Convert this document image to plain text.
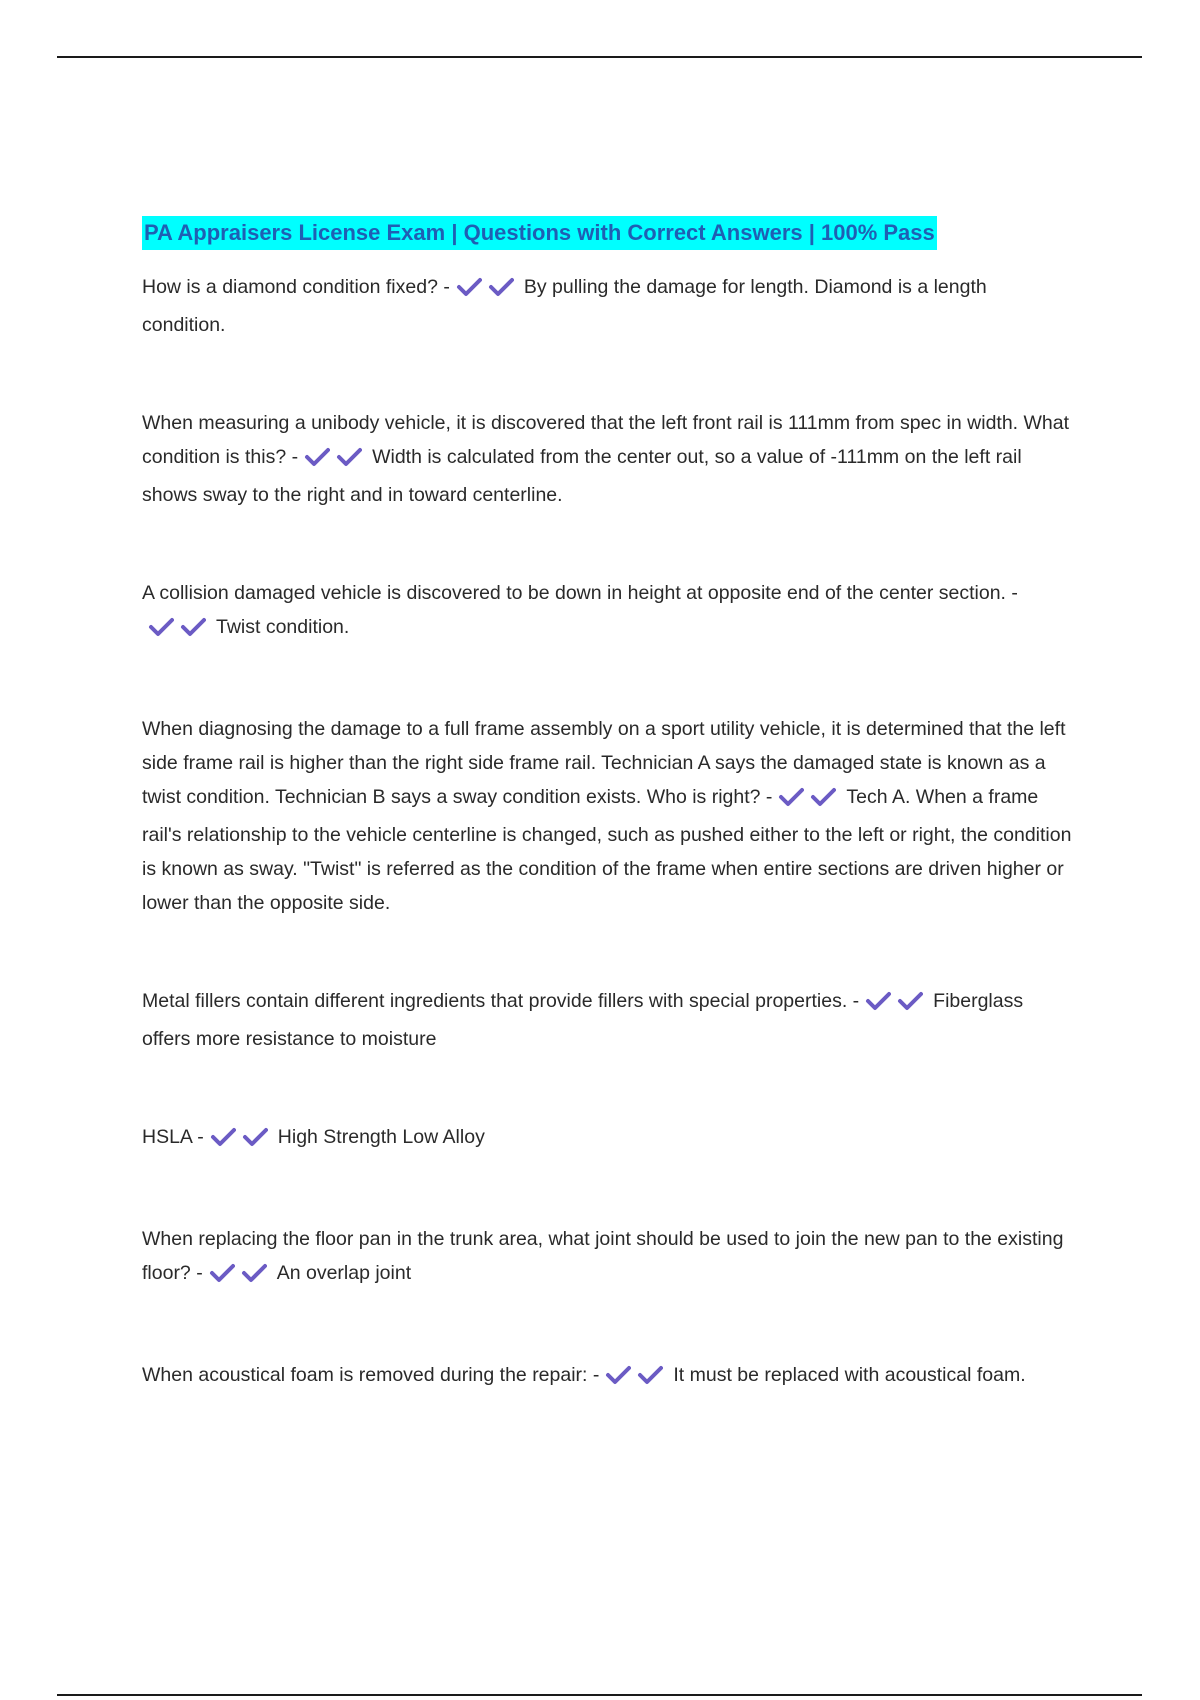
PA Appraisers License Exam | Questions with Correct Answers | 100% Pass

How is a diamond condition fixed? -	By pulling the damage for length. Diamond is a length condition.

When measuring a unibody vehicle, it is discovered that the left front rail is 111mm from spec in width. What condition is this? -	Width is calculated from the center out, so a value of -111mm on the left rail shows sway to the right and in toward centerline.

A collision damaged vehicle is discovered to be down in height at opposite end of the center section. -Twist condition.

When diagnosing the damage to a full frame assembly on a sport utility vehicle, it is determined that the left side frame rail is higher than the right side frame rail. Technician A says the damaged state is known as a twist condition. Technician B says a sway condition exists. Who is right? -	Tech A. When a frame rail's relationship to the vehicle centerline is changed, such as pushed either to the left or right, the condition is known as sway. "Twist" is referred as the condition of the frame when entire sections are driven higher or lower than the opposite side.

Metal fillers contain different ingredients that provide fillers with special properties. -	Fiberglass offers more resistance to moisture

HSLA -	High Strength Low Alloy

When replacing the floor pan in the trunk area, what joint should be used to join the new pan to the existing floor? -	An overlap joint

When acoustical foam is removed during the repair: -	It must be replaced with acoustical foam.
